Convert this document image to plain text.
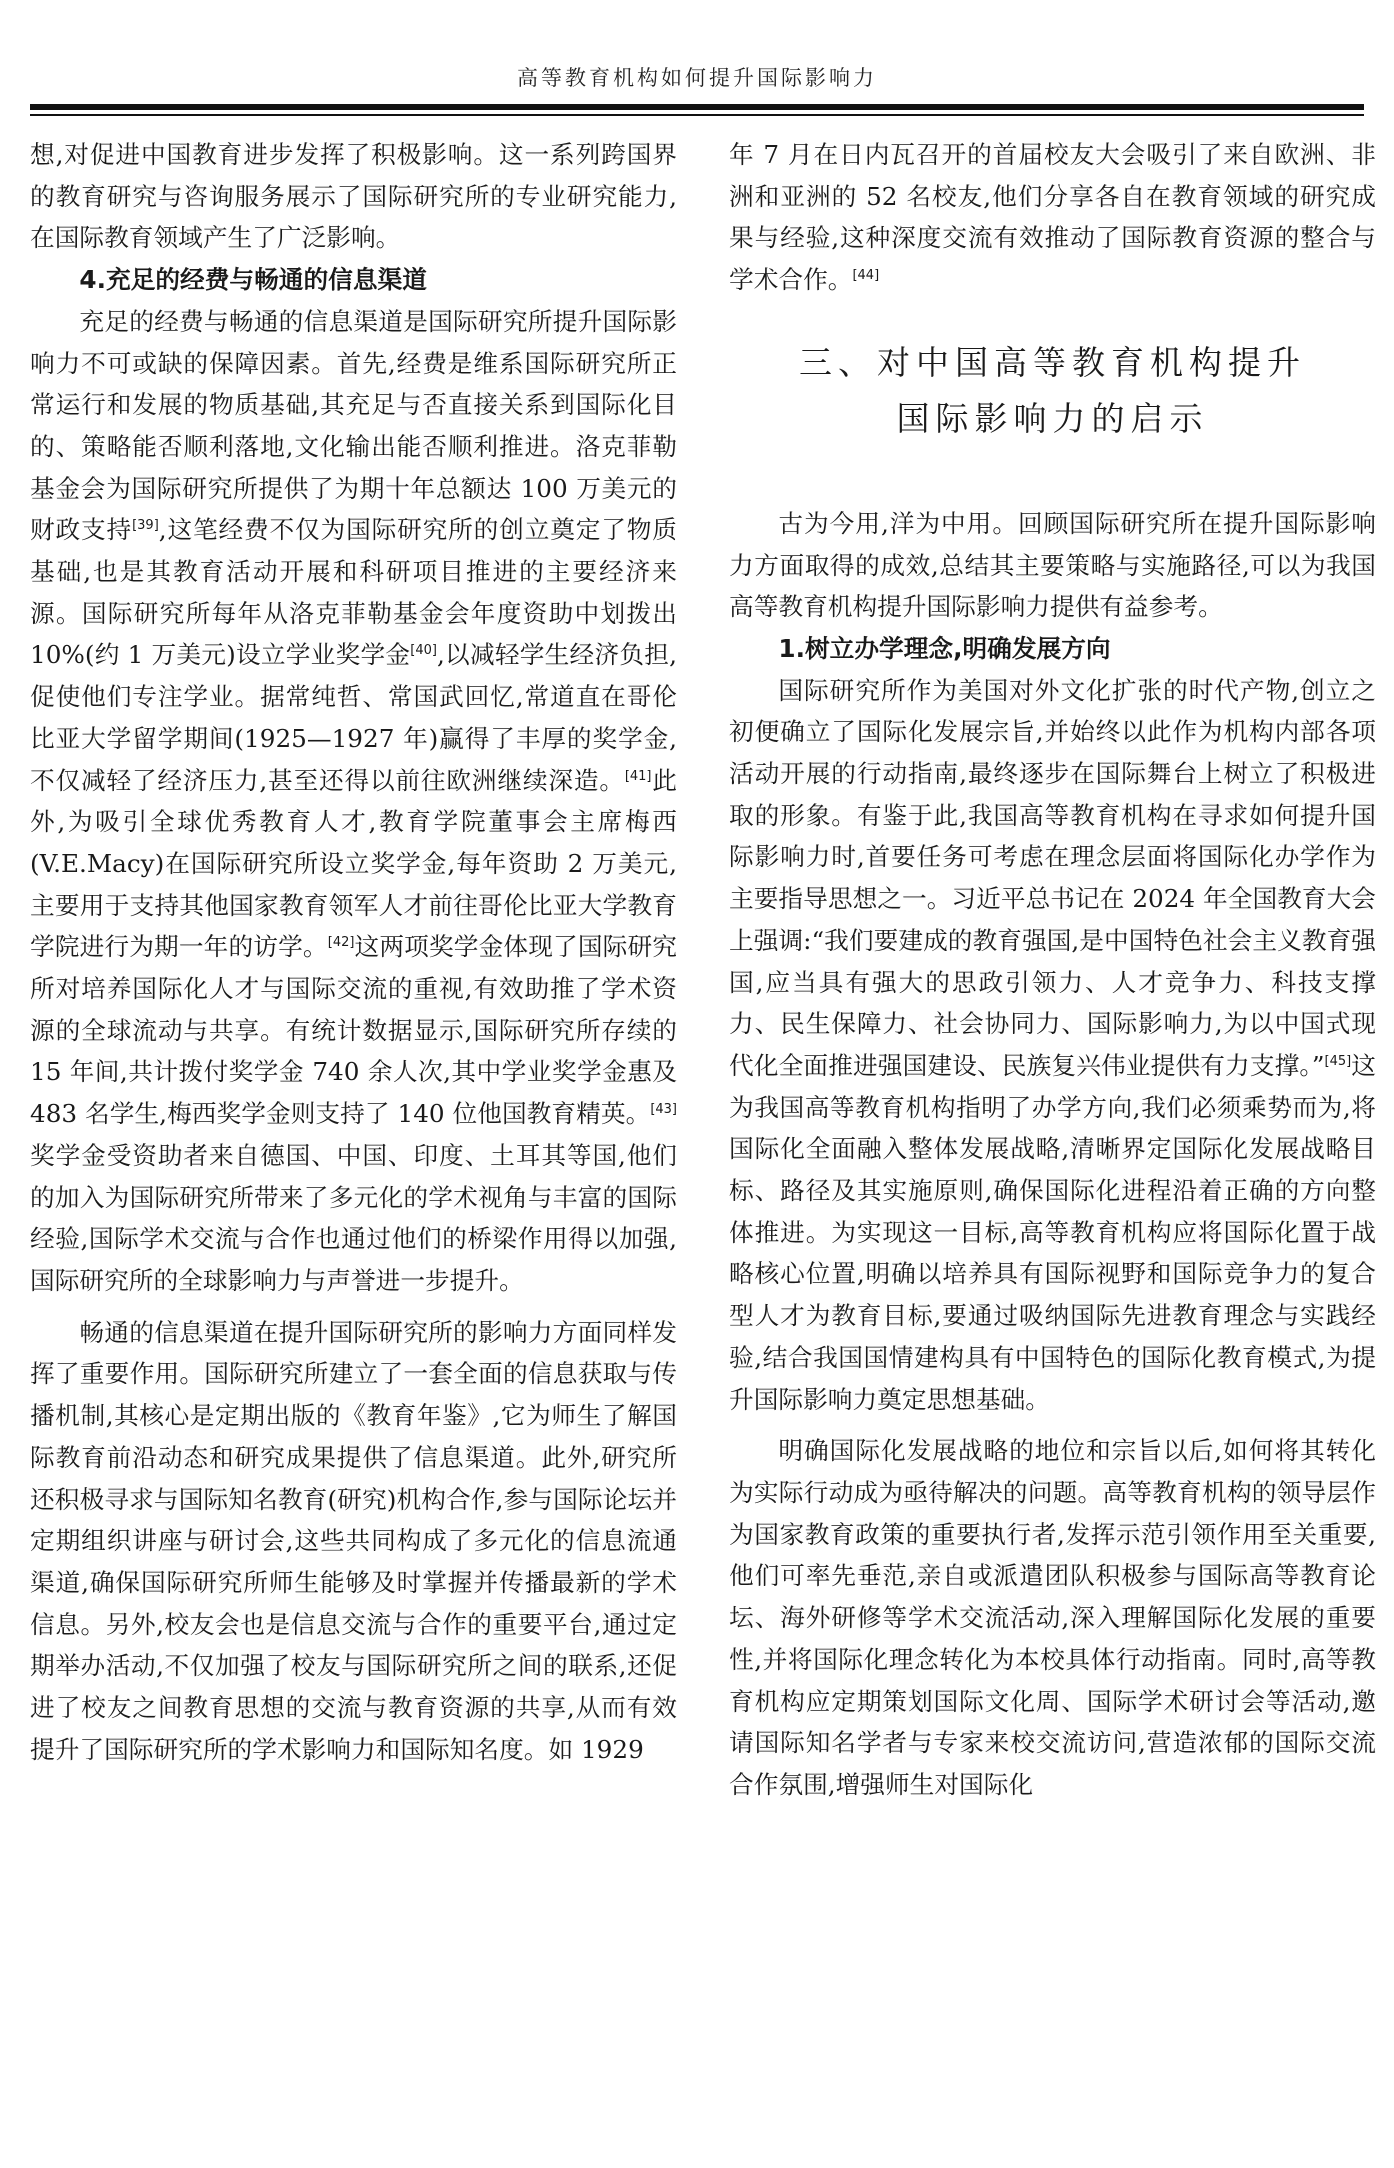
高等教育机构如何提升国际影响力

想,对促进中国教育进步发挥了积极影响。这一系列跨国界的教育研究与咨询服务展示了国际研究所的专业研究能力,在国际教育领域产生了广泛影响。

4.充足的经费与畅通的信息渠道

充足的经费与畅通的信息渠道是国际研究所提升国际影响力不可或缺的保障因素。首先,经费是维系国际研究所正常运行和发展的物质基础,其充足与否直接关系到国际化目的、策略能否顺利落地,文化输出能否顺利推进。洛克菲勒基金会为国际研究所提供了为期十年总额达 100 万美元的财政支持[39],这笔经费不仅为国际研究所的创立奠定了物质基础,也是其教育活动开展和科研项目推进的主要经济来源。国际研究所每年从洛克菲勒基金会年度资助中划拨出 10%(约 1 万美元)设立学业奖学金[40],以减轻学生经济负担,促使他们专注学业。据常纯哲、常国武回忆,常道直在哥伦比亚大学留学期间(1925—1927 年)赢得了丰厚的奖学金,不仅减轻了经济压力,甚至还得以前往欧洲继续深造。[41]此外,为吸引全球优秀教育人才,教育学院董事会主席梅西(V.E.Macy)在国际研究所设立奖学金,每年资助 2 万美元,主要用于支持其他国家教育领军人才前往哥伦比亚大学教育学院进行为期一年的访学。[42]这两项奖学金体现了国际研究所对培养国际化人才与国际交流的重视,有效助推了学术资源的全球流动与共享。有统计数据显示,国际研究所存续的 15 年间,共计拨付奖学金 740 余人次,其中学业奖学金惠及 483 名学生,梅西奖学金则支持了 140 位他国教育精英。[43]奖学金受资助者来自德国、中国、印度、土耳其等国,他们的加入为国际研究所带来了多元化的学术视角与丰富的国际经验,国际学术交流与合作也通过他们的桥梁作用得以加强,国际研究所的全球影响力与声誉进一步提升。

畅通的信息渠道在提升国际研究所的影响力方面同样发挥了重要作用。国际研究所建立了一套全面的信息获取与传播机制,其核心是定期出版的《教育年鉴》,它为师生了解国际教育前沿动态和研究成果提供了信息渠道。此外,研究所还积极寻求与国际知名教育(研究)机构合作,参与国际论坛并定期组织讲座与研讨会,这些共同构成了多元化的信息流通渠道,确保国际研究所师生能够及时掌握并传播最新的学术信息。另外,校友会也是信息交流与合作的重要平台,通过定期举办活动,不仅加强了校友与国际研究所之间的联系,还促进了校友之间教育思想的交流与教育资源的共享,从而有效提升了国际研究所的学术影响力和国际知名度。如 1929

年 7 月在日内瓦召开的首届校友大会吸引了来自欧洲、非洲和亚洲的 52 名校友,他们分享各自在教育领域的研究成果与经验,这种深度交流有效推动了国际教育资源的整合与学术合作。[44]

三、对中国高等教育机构提升
国际影响力的启示

古为今用,洋为中用。回顾国际研究所在提升国际影响力方面取得的成效,总结其主要策略与实施路径,可以为我国高等教育机构提升国际影响力提供有益参考。

1.树立办学理念,明确发展方向

国际研究所作为美国对外文化扩张的时代产物,创立之初便确立了国际化发展宗旨,并始终以此作为机构内部各项活动开展的行动指南,最终逐步在国际舞台上树立了积极进取的形象。有鉴于此,我国高等教育机构在寻求如何提升国际影响力时,首要任务可考虑在理念层面将国际化办学作为主要指导思想之一。习近平总书记在 2024 年全国教育大会上强调:“我们要建成的教育强国,是中国特色社会主义教育强国,应当具有强大的思政引领力、人才竞争力、科技支撑力、民生保障力、社会协同力、国际影响力,为以中国式现代化全面推进强国建设、民族复兴伟业提供有力支撑。”[45]这为我国高等教育机构指明了办学方向,我们必须乘势而为,将国际化全面融入整体发展战略,清晰界定国际化发展战略目标、路径及其实施原则,确保国际化进程沿着正确的方向整体推进。为实现这一目标,高等教育机构应将国际化置于战略核心位置,明确以培养具有国际视野和国际竞争力的复合型人才为教育目标,要通过吸纳国际先进教育理念与实践经验,结合我国国情建构具有中国特色的国际化教育模式,为提升国际影响力奠定思想基础。

明确国际化发展战略的地位和宗旨以后,如何将其转化为实际行动成为亟待解决的问题。高等教育机构的领导层作为国家教育政策的重要执行者,发挥示范引领作用至关重要,他们可率先垂范,亲自或派遣团队积极参与国际高等教育论坛、海外研修等学术交流活动,深入理解国际化发展的重要性,并将国际化理念转化为本校具体行动指南。同时,高等教育机构应定期策划国际文化周、国际学术研讨会等活动,邀请国际知名学者与专家来校交流访问,营造浓郁的国际交流合作氛围,增强师生对国际化
